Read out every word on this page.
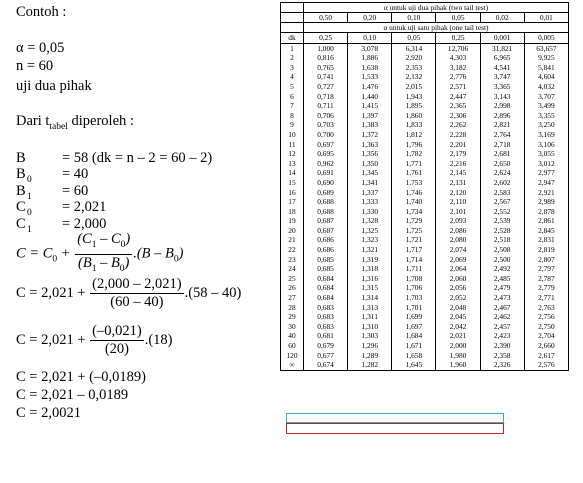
Contoh :
α = 0,05
n = 60
uji dua pihak
Dari $t_{tabel}$ diperoleh :
B	= 58 (dk = n – 2 = 60 – 2)
B 0 = 40
B 1 = 60
C 0 = 2,021
C 1 = 2,000
$C = C_0 + \frac{(C_1 - C_0)}{(B_1 - B_0)} .(B - B_0)$
$C = 2,021 + \frac{(2,000 - 2,021)}{(60 - 40)} .(58 - 40)$
$C = 2,021 + \frac{(-0,021)}{(20)} .(18)$
C = 2,021 + (–0,0189)
C = 2,021 – 0,0189
C = 2,0021
	α untuk uji dua pihak (two tail test)					
	0,50	0,20	0,10	0,05	0,02	0,01
	α untuk uji satu pihak (one tail test)					
dk	0,25	0,10	0,05	0,25	0,001	0,005
1	1,000	3,078	6,314	12,706	31,821	63,657
2	0,816	1,886	2,920	4,303	6,965	9,925
3	0,765	1,638	2,353	3,182	4,541	5,841
4	0,741	1,533	2,132	2,776	3,747	4,604
5	0,727	1,476	2,015	2,571	3,365	4,032
6	0,718	1,440	1,943	2,447	3,143	3,707
7	0,711	1,415	1,895	2,365	2,998	3,499
8	0,706	1,397	1,860	2,306	2,896	3,355
9	0,703	1,383	1,833	2,262	2,821	3,250
10	0,700	1,372	1,812	2,228	2,764	3,169
11	0,697	1,363	1,796	2,201	2,718	3,106
12	0,695	1,356	1,782	2,179	2,681	3,055
13	0,962	1,350	1,771	2,216	2,650	3,012
14	0,691	1,345	1,761	2,145	2,624	2,977
15	0,690	1,341	1,753	2,131	2,602	2,947
16	0,689	1,337	1,746	2,120	2,583	2,921
17	0,688	1,333	1,740	2,110	2,567	2,989
18	0,688	1,330	1,734	2,101	2,552	2,878
19	0,687	1,328	1,729	2,093	2,539	2,861
20	0,687	1,325	1,725	2,086	2,528	2,845
21	0,686	1,323	1,721	2,080	2,518	2,831
22	0,686	1,321	1,717	2,074	2,508	2,819
23	0,685	1,319	1,714	2,069	2,500	2,807
24	0,685	1,318	1,711	2,064	2,492	2,797
25	0,684	1,316	1,708	2,060	2,485	2,787
26	0,684	1,315	1,706	2,056	2,479	2,779
27	0,684	1,314	1,703	2,052	2,473	2,771
28	0,683	1,313	1,701	2,048	2,467	2,763
29	0,683	1,311	1,699	2,045	2,462	2,756
30	0,683	1,310	1,697	2,042	2,457	2,750
40	0,681	1,303	1,684	2,021	2,423	2,704
60	0,679	1,296	1,671	2,000	2,390	2,660
120	0,677	1,289	1,658	1,980	2,358	2,617
∞	0,674	1,282	1,645	1,960	2,326	2,576
